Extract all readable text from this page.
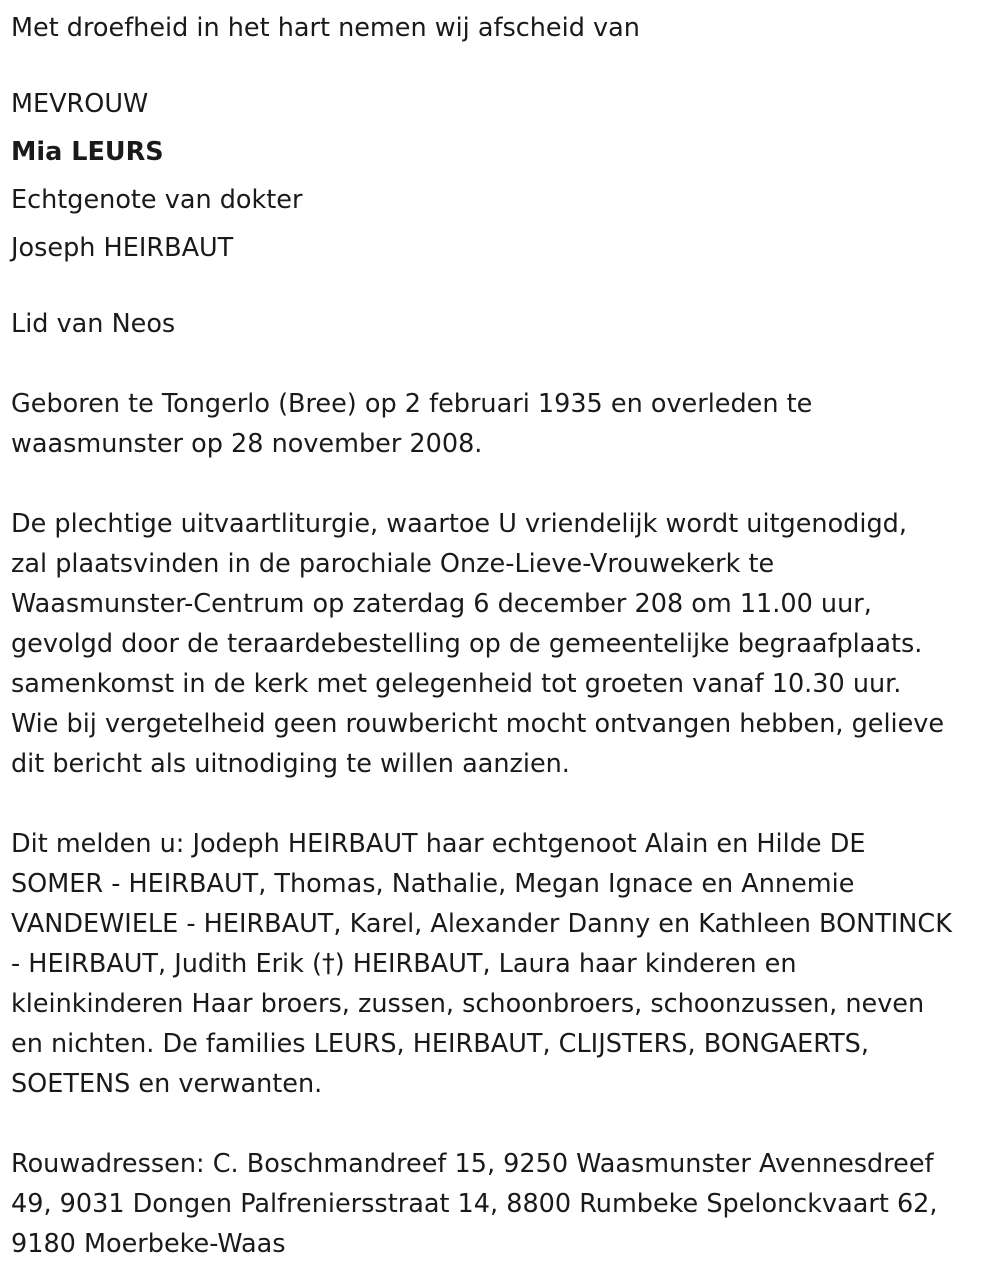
Met droefheid in het hart nemen wij afscheid van

MEVROUW

Mia LEURS

Echtgenote van dokter

Joseph HEIRBAUT

Lid van Neos

Geboren te Tongerlo (Bree) op 2 februari 1935 en overleden te

waasmunster op 28 november 2008.

De plechtige uitvaartliturgie, waartoe U vriendelijk wordt uitgenodigd,

zal plaatsvinden in de parochiale Onze-Lieve-Vrouwekerk te

Waasmunster-Centrum op zaterdag 6 december 208 om 11.00 uur,

gevolgd door de teraardebestelling op de gemeentelijke begraafplaats.

samenkomst in de kerk met gelegenheid tot groeten vanaf 10.30 uur.

Wie bij vergetelheid geen rouwbericht mocht ontvangen hebben, gelieve

dit bericht als uitnodiging te willen aanzien.

Dit melden u: Jodeph HEIRBAUT haar echtgenoot Alain en Hilde DE

SOMER - HEIRBAUT, Thomas, Nathalie, Megan Ignace en Annemie

VANDEWIELE - HEIRBAUT, Karel, Alexander Danny en Kathleen BONTINCK

- HEIRBAUT, Judith Erik (†) HEIRBAUT, Laura haar kinderen en

kleinkinderen Haar broers, zussen, schoonbroers, schoonzussen, neven

en nichten. De families LEURS, HEIRBAUT, CLIJSTERS, BONGAERTS,

SOETENS en verwanten.

Rouwadressen: C. Boschmandreef 15, 9250 Waasmunster Avennesdreef

49, 9031 Dongen Palfreniersstraat 14, 8800 Rumbeke Spelonckvaart 62,

9180 Moerbeke-Waas
